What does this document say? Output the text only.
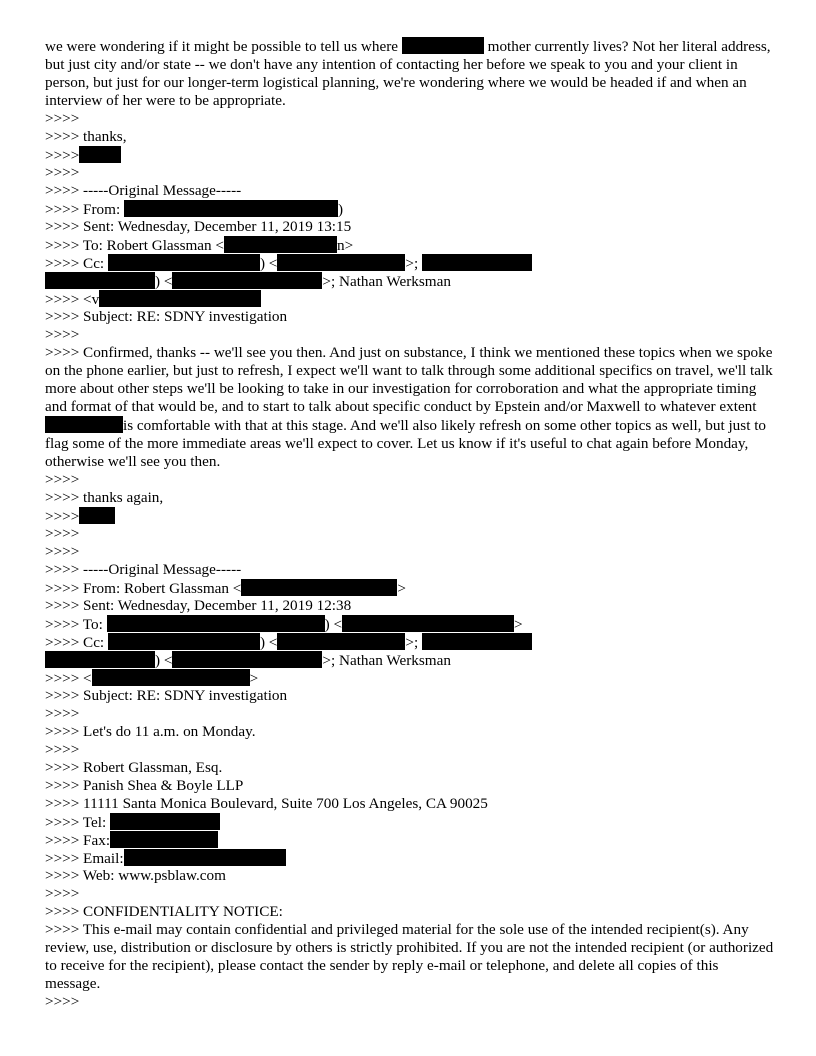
we were wondering if it might be possible to tell us where	mother currently lives? Not her literal address, but just city and/or state -- we don't have any intention of contacting her before we speak to you and your client in person, but just for our longer-term logistical planning, we're wondering where we would be headed if and when an interview of her were to be appropriate.
>>>>
>>>> thanks,
>>>>
>>>>
>>>> -----Original Message-----
>>>> From:	)
>>>> Sent: Wednesday, December 11, 2019 13:15
>>>> To: Robert Glassman <	n>
>>>> Cc:	) <	>;
) <	>; Nathan Werksman
>>>> <v
>>>> Subject: RE: SDNY investigation
>>>>
>>>> Confirmed, thanks -- we'll see you then. And just on substance, I think we mentioned these topics when we spoke on the phone earlier, but just to refresh, I expect we'll want to talk through some additional specifics on travel, we'll talk more about other steps we'll be looking to take in our investigation for corroboration and what the appropriate timing and format of that would be, and to start to talk about specific conduct by Epstein and/or Maxwell to whatever extent is comfortable with that at this stage. And we'll also likely refresh on some other topics as well, but just to flag some of the more immediate areas we'll expect to cover. Let us know if it's useful to chat again before Monday, otherwise we'll see you then.
>>>>
>>>> thanks again,
>>>>
>>>>
>>>>
>>>> -----Original Message-----
>>>> From: Robert Glassman <	>
>>>> Sent: Wednesday, December 11, 2019 12:38
>>>> To:	) <	>
>>>> Cc:	) <	>;
) <	>; Nathan Werksman
>>>> <	>
>>>> Subject: RE: SDNY investigation
>>>>
>>>> Let's do 11 a.m. on Monday.
>>>>
>>>> Robert Glassman, Esq.
>>>> Panish Shea & Boyle LLP
>>>> 11111 Santa Monica Boulevard, Suite 700 Los Angeles, CA 90025
>>>> Tel:
>>>> Fax:
>>>> Email:
>>>> Web: www.psblaw.com
>>>>
>>>> CONFIDENTIALITY NOTICE:
>>>> This e-mail may contain confidential and privileged material for the sole use of the intended recipient(s). Any review, use, distribution or disclosure by others is strictly prohibited. If you are not the intended recipient (or authorized to receive for the recipient), please contact the sender by reply e-mail or telephone, and delete all copies of this message.
>>>>
